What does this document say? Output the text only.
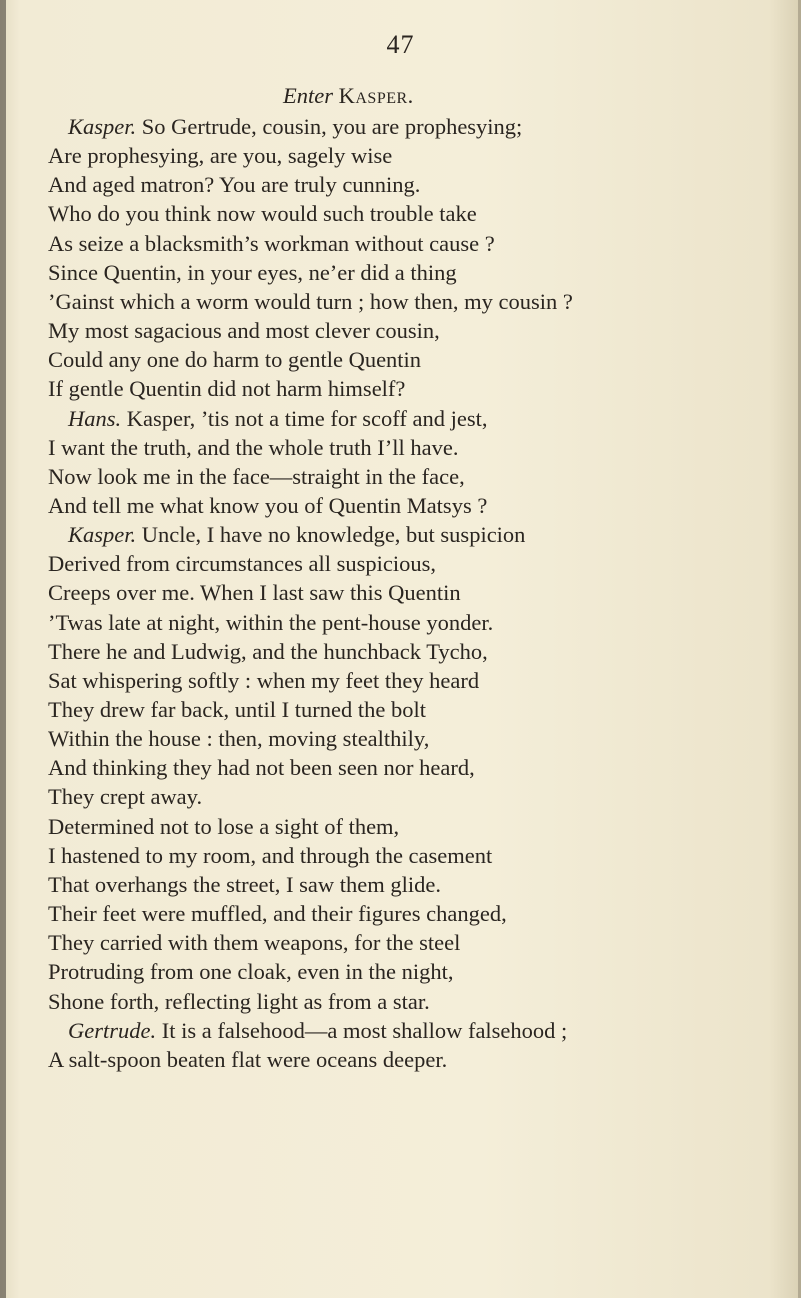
47
Enter Kasper.
Kasper. So Gertrude, cousin, you are prophesying;
Are prophesying, are you, sagely wise
And aged matron? You are truly cunning.
Who do you think now would such trouble take
As seize a blacksmith’s workman without cause ?
Since Quentin, in your eyes, ne’er did a thing
’Gainst which a worm would turn ; how then, my cousin ?
My most sagacious and most clever cousin,
Could any one do harm to gentle Quentin
If gentle Quentin did not harm himself?
Hans. Kasper, ’tis not a time for scoff and jest,
I want the truth, and the whole truth I’ll have.
Now look me in the face—straight in the face,
And tell me what know you of Quentin Matsys ?
Kasper. Uncle, I have no knowledge, but suspicion
Derived from circumstances all suspicious,
Creeps over me. When I last saw this Quentin
’Twas late at night, within the pent-house yonder.
There he and Ludwig, and the hunchback Tycho,
Sat whispering softly : when my feet they heard
They drew far back, until I turned the bolt
Within the house : then, moving stealthily,
And thinking they had not been seen nor heard,
They crept away.
Determined not to lose a sight of them,
I hastened to my room, and through the casement
That overhangs the street, I saw them glide.
Their feet were muffled, and their figures changed,
They carried with them weapons, for the steel
Protruding from one cloak, even in the night,
Shone forth, reflecting light as from a star.
Gertrude. It is a falsehood—a most shallow falsehood ;
A salt-spoon beaten flat were oceans deeper.
